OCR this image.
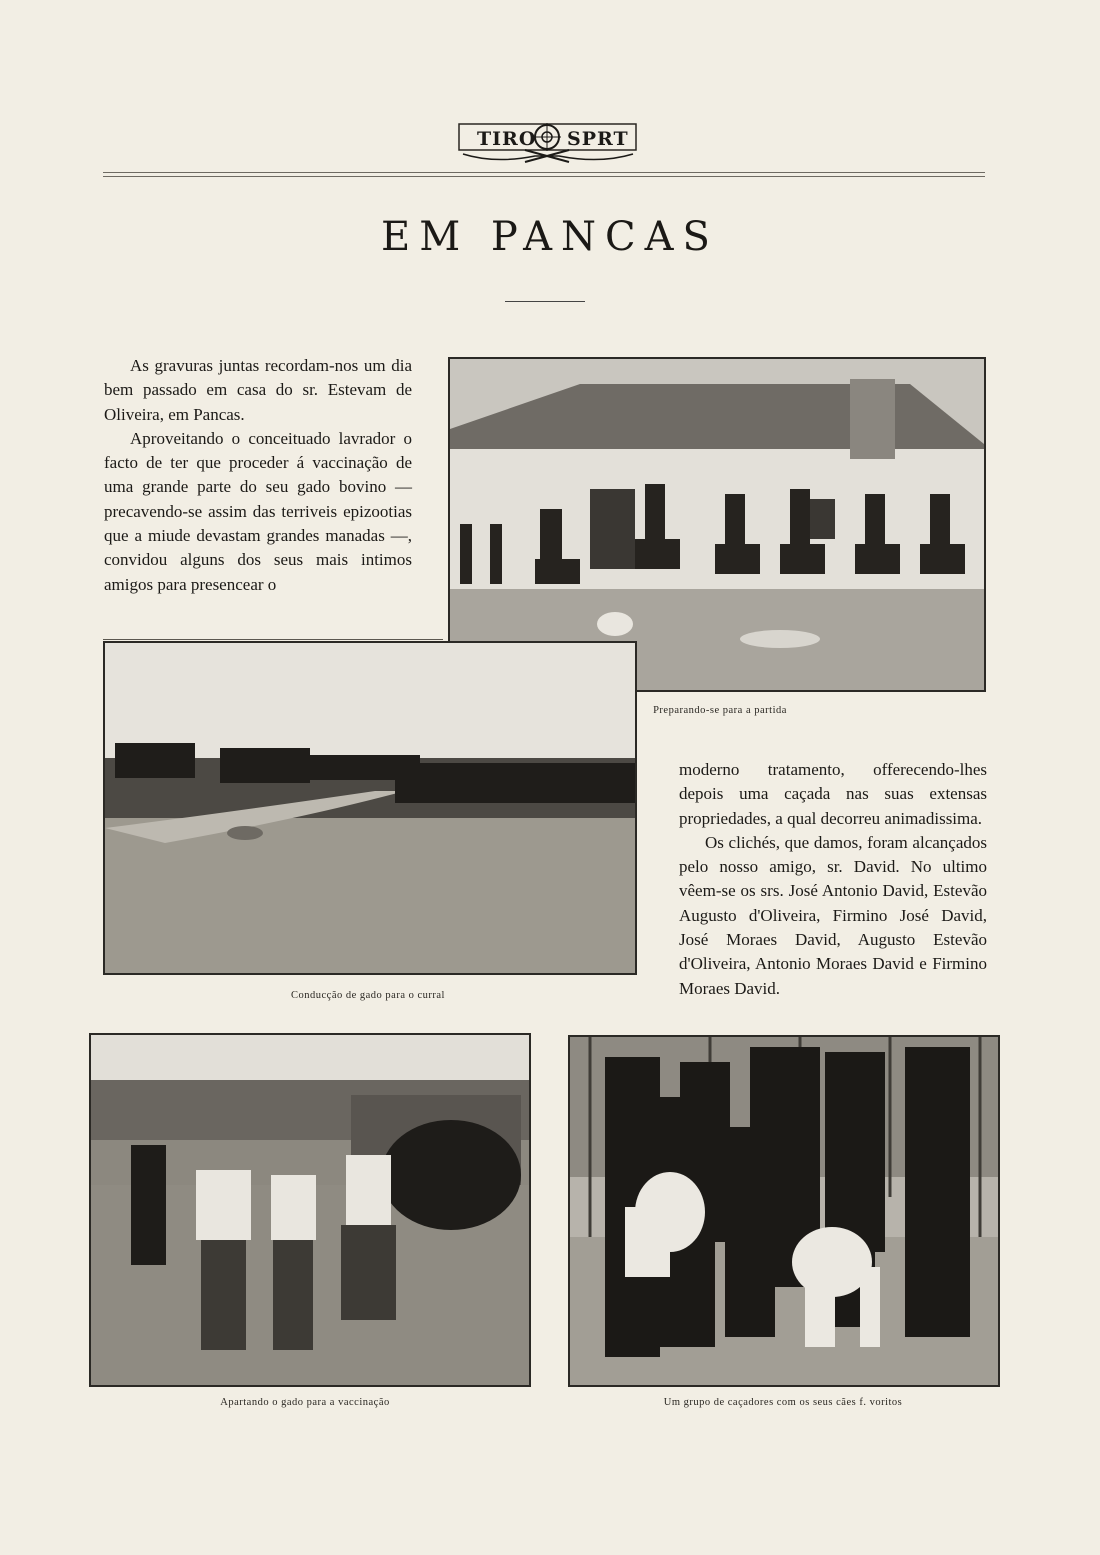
TIRO SPRT
EM PANCAS

As gravuras juntas recordam-nos um dia bem passado em casa do sr. Estevam de Oliveira, em Pancas.

Aproveitando o conceituado lavrador o facto de ter que proceder á vaccinação de uma grande parte do seu gado bovino —precavendo-se assim das terriveis epizootias que a miude devastam grandes manadas —, convidou alguns dos seus mais intimos amigos para presencear o

Preparando-se para a partida
Conducção de gado para o curral

moderno tratamento, offerecendo-lhes depois uma caçada nas suas extensas propriedades, a qual decorreu animadissima.

Os clichés, que damos, foram alcançados pelo nosso amigo, sr. David. No ultimo vêem-se os srs. José Antonio David, Estevão Augusto d'Oliveira, Firmino José David, José Moraes David, Augusto Estevão d'Oliveira, Antonio Moraes David e Firmino Moraes David.

Apartando o gado para a vaccinação	Um grupo de caçadores com os seus cães f. voritos
